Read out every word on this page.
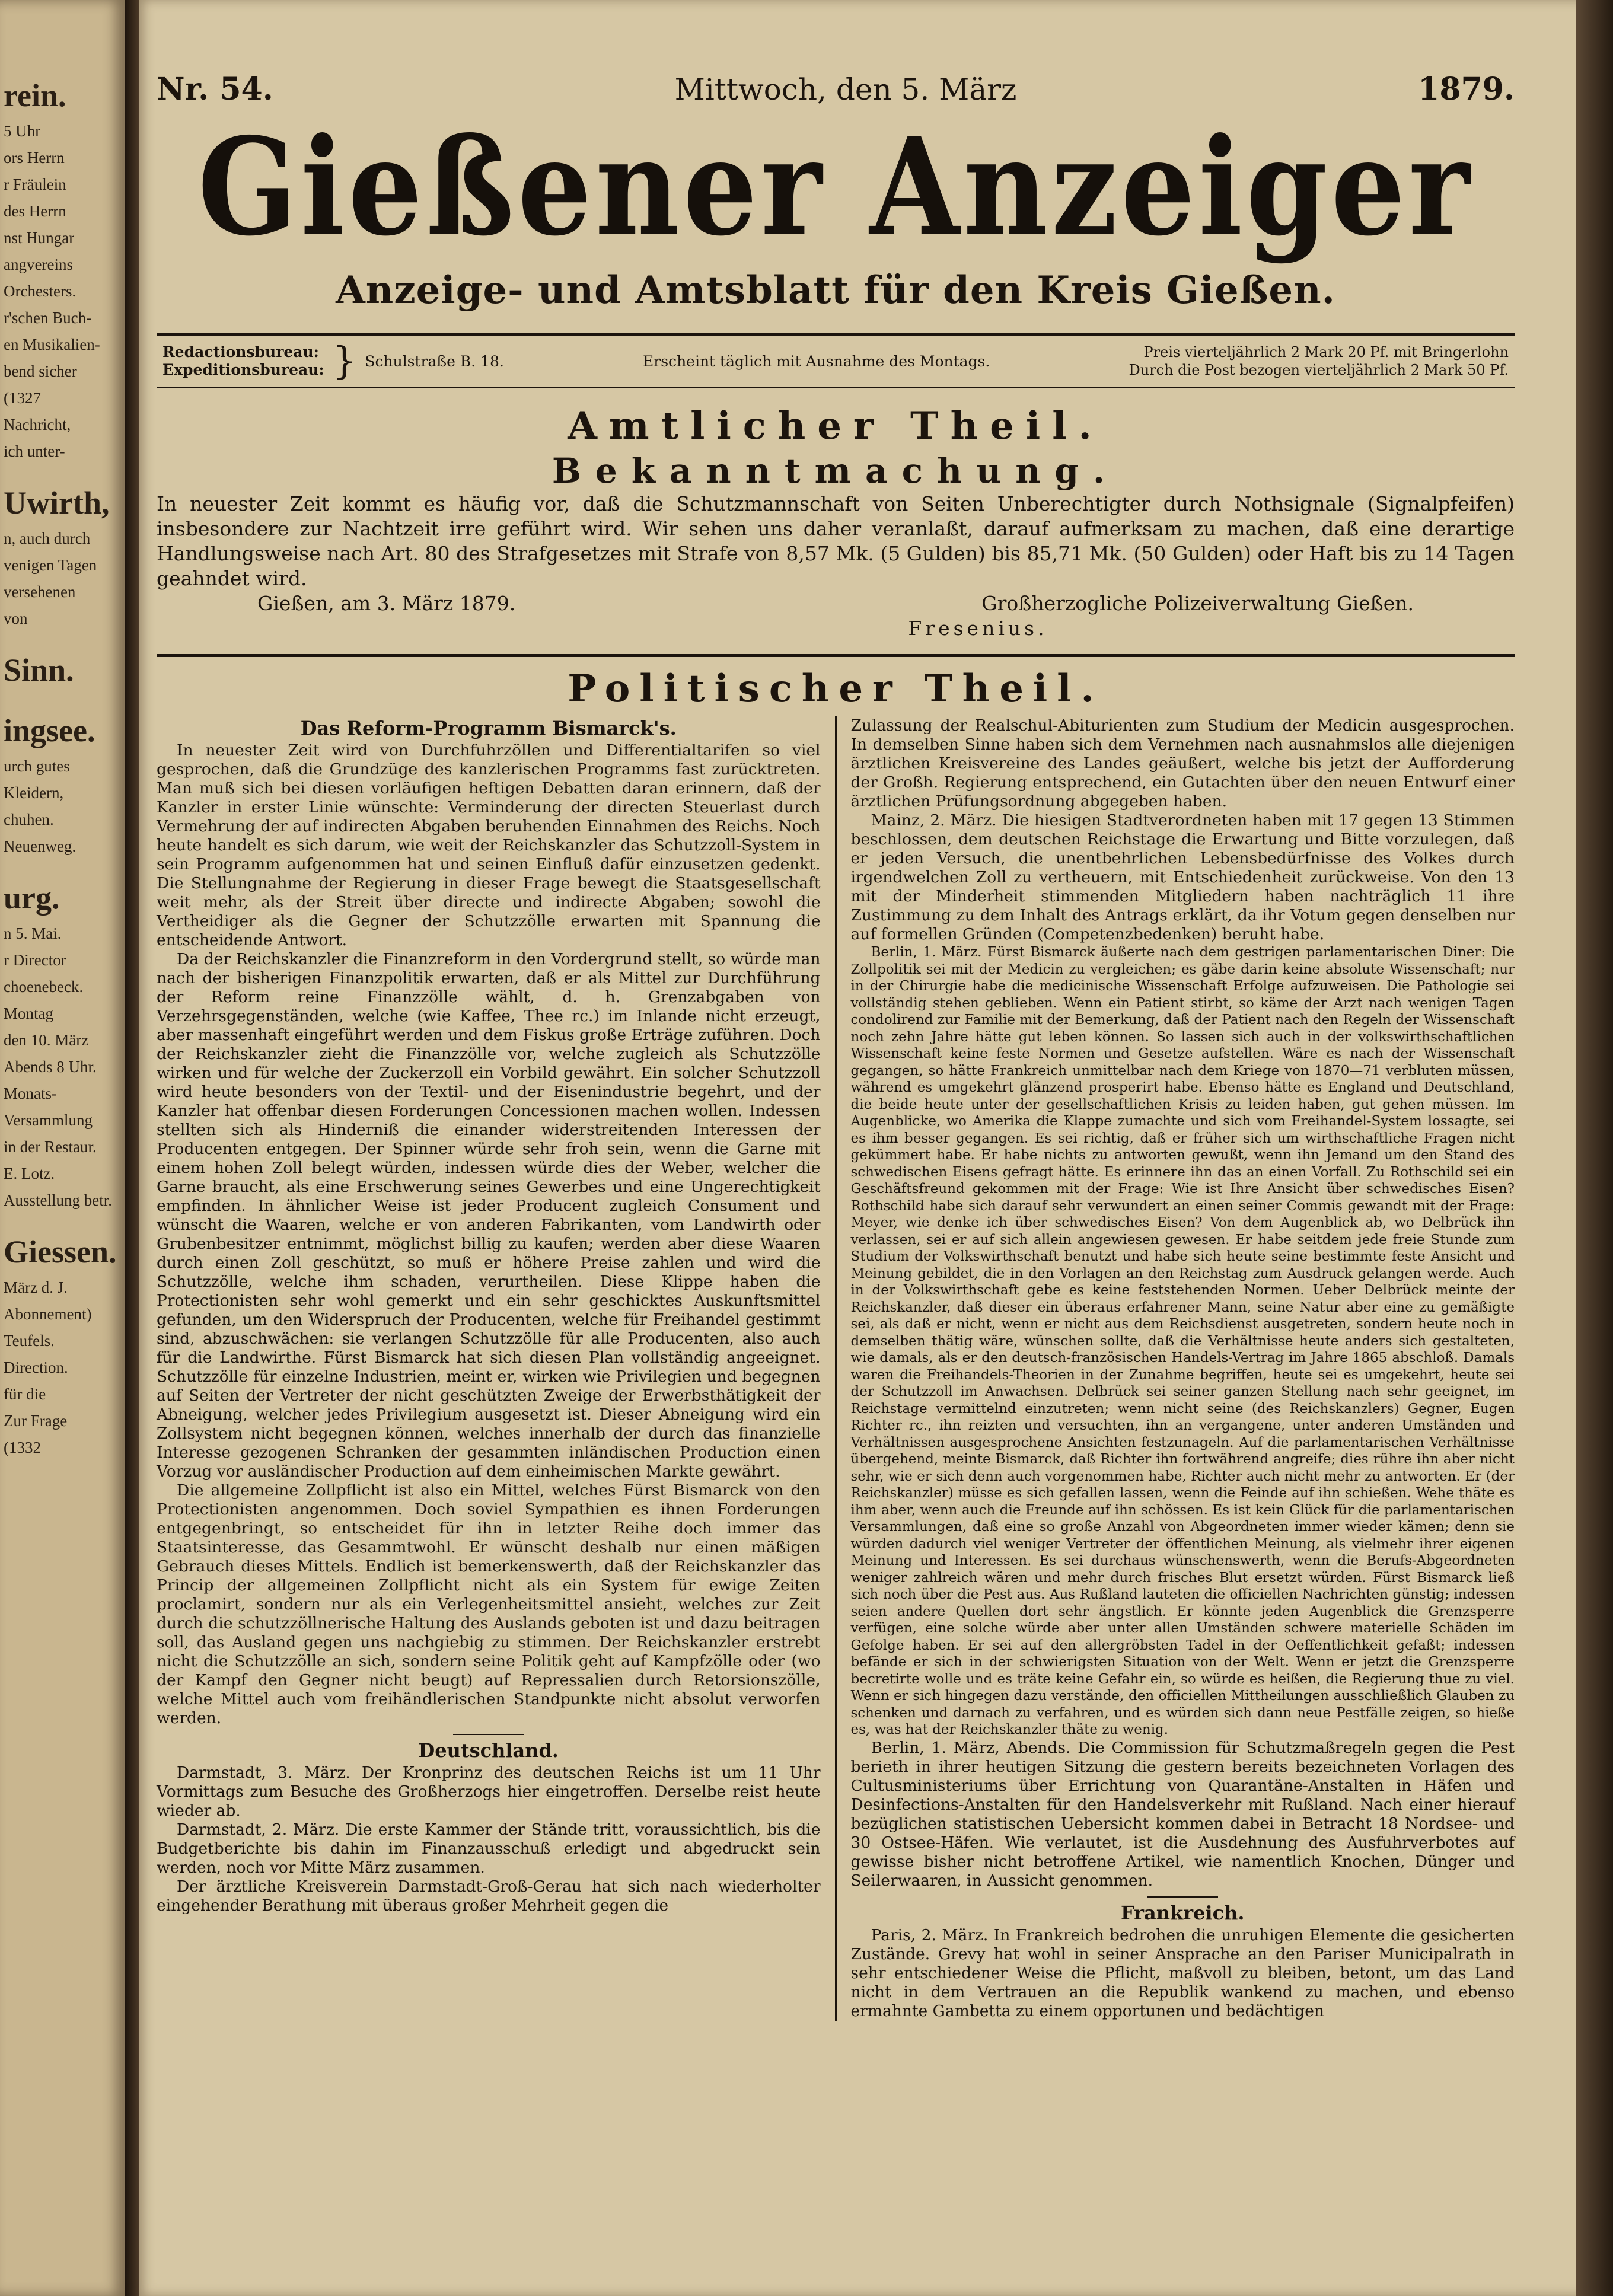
rein.
5 Uhr
ors Herrn
r Fräulein
des Herrn
nst Hungar
angvereins
Orchesters.
r'schen Buch-
en Musikalien-
bend sicher
(1327
Nachricht,
ich unter-
Uwirth,
n, auch durch
venigen Tagen
versehenen
von
Sinn.
ingsee.
urch gutes
Kleidern,
chuhen.
Neuenweg.
urg.
n 5. Mai.
r Director
choenebeck.
Montag
den 10. März
Abends 8 Uhr.
Monats-
Versammlung
in der Restaur.
E. Lotz.
Ausstellung betr.
Giessen.
März d. J.
Abonnement)
Teufels.
Direction.
für die
Zur Frage
(1332
Nr. 54.	Mittwoch, den 5. März	1879.
Gießener Anzeiger
Anzeige- und Amtsblatt für den Kreis Gießen.
Redactionsbureau:
Expeditionsbureau: } Schulstraße B. 18.	Erscheint täglich mit Ausnahme des Montags.
Preis vierteljährlich 2 Mark 20 Pf. mit Bringerlohn
Durch die Post bezogen vierteljährlich 2 Mark 50 Pf.
Amtlicher Theil.
Bekanntmachung.

In neuester Zeit kommt es häufig vor, daß die Schutzmannschaft von Seiten Unberechtigter durch Nothsignale (Signalpfeifen) insbesondere zur Nachtzeit irre geführt wird. Wir sehen uns daher veranlaßt, darauf aufmerksam zu machen, daß eine derartige Handlungsweise nach Art. 80 des Strafgesetzes mit Strafe von 8,57 Mk. (5 Gulden) bis 85,71 Mk. (50 Gulden) oder Haft bis zu 14 Tagen geahndet wird.

Gießen, am 3. März 1879.	Großherzogliche Polizeiverwaltung Gießen.
Fresenius.
Politischer Theil.
Das Reform-Programm Bismarck's.

In neuester Zeit wird von Durchfuhrzöllen und Differentialtarifen so viel gesprochen, daß die Grundzüge des kanzlerischen Programms fast zurücktreten. Man muß sich bei diesen vorläufigen heftigen Debatten daran erinnern, daß der Kanzler in erster Linie wünschte: Verminderung der directen Steuerlast durch Vermehrung der auf indirecten Abgaben beruhenden Einnahmen des Reichs. Noch heute handelt es sich darum, wie weit der Reichskanzler das Schutzzoll-System in sein Programm aufgenommen hat und seinen Einfluß dafür einzusetzen gedenkt. Die Stellungnahme der Regierung in dieser Frage bewegt die Staatsgesellschaft weit mehr, als der Streit über directe und indirecte Abgaben; sowohl die Vertheidiger als die Gegner der Schutzzölle erwarten mit Spannung die entscheidende Antwort.

Da der Reichskanzler die Finanzreform in den Vordergrund stellt, so würde man nach der bisherigen Finanzpolitik erwarten, daß er als Mittel zur Durchführung der Reform reine Finanzzölle wählt, d. h. Grenzabgaben von Verzehrsgegenständen, welche (wie Kaffee, Thee rc.) im Inlande nicht erzeugt, aber massenhaft eingeführt werden und dem Fiskus große Erträge zuführen. Doch der Reichskanzler zieht die Finanzzölle vor, welche zugleich als Schutzzölle wirken und für welche der Zuckerzoll ein Vorbild gewährt. Ein solcher Schutzzoll wird heute besonders von der Textil- und der Eisenindustrie begehrt, und der Kanzler hat offenbar diesen Forderungen Concessionen machen wollen. Indessen stellten sich als Hinderniß die einander widerstreitenden Interessen der Producenten entgegen. Der Spinner würde sehr froh sein, wenn die Garne mit einem hohen Zoll belegt würden, indessen würde dies der Weber, welcher die Garne braucht, als eine Erschwerung seines Gewerbes und eine Ungerechtigkeit empfinden. In ähnlicher Weise ist jeder Producent zugleich Consument und wünscht die Waaren, welche er von anderen Fabrikanten, vom Landwirth oder Grubenbesitzer entnimmt, möglichst billig zu kaufen; werden aber diese Waaren durch einen Zoll geschützt, so muß er höhere Preise zahlen und wird die Schutzzölle, welche ihm schaden, verurtheilen. Diese Klippe haben die Protectionisten sehr wohl gemerkt und ein sehr geschicktes Auskunftsmittel gefunden, um den Widerspruch der Producenten, welche für Freihandel gestimmt sind, abzuschwächen: sie verlangen Schutzzölle für alle Producenten, also auch für die Landwirthe. Fürst Bismarck hat sich diesen Plan vollständig angeeignet. Schutzzölle für einzelne Industrien, meint er, wirken wie Privilegien und begegnen auf Seiten der Vertreter der nicht geschützten Zweige der Erwerbsthätigkeit der Abneigung, welcher jedes Privilegium ausgesetzt ist. Dieser Abneigung wird ein Zollsystem nicht begegnen können, welches innerhalb der durch das finanzielle Interesse gezogenen Schranken der gesammten inländischen Production einen Vorzug vor ausländischer Production auf dem einheimischen Markte gewährt.

Die allgemeine Zollpflicht ist also ein Mittel, welches Fürst Bismarck von den Protectionisten angenommen. Doch soviel Sympathien es ihnen Forderungen entgegenbringt, so entscheidet für ihn in letzter Reihe doch immer das Staatsinteresse, das Gesammtwohl. Er wünscht deshalb nur einen mäßigen Gebrauch dieses Mittels. Endlich ist bemerkenswerth, daß der Reichskanzler das Princip der allgemeinen Zollpflicht nicht als ein System für ewige Zeiten proclamirt, sondern nur als ein Verlegenheitsmittel ansieht, welches zur Zeit durch die schutzzöllnerische Haltung des Auslands geboten ist und dazu beitragen soll, das Ausland gegen uns nachgiebig zu stimmen. Der Reichskanzler erstrebt nicht die Schutzzölle an sich, sondern seine Politik geht auf Kampfzölle oder (wo der Kampf den Gegner nicht beugt) auf Repressalien durch Retorsionszölle, welche Mittel auch vom freihändlerischen Standpunkte nicht absolut verworfen werden.

Deutschland.

Darmstadt, 3. März. Der Kronprinz des deutschen Reichs ist um 11 Uhr Vormittags zum Besuche des Großherzogs hier eingetroffen. Derselbe reist heute wieder ab.

Darmstadt, 2. März. Die erste Kammer der Stände tritt, voraussichtlich, bis die Budgetberichte bis dahin im Finanzausschuß erledigt und abgedruckt sein werden, noch vor Mitte März zusammen.

Der ärztliche Kreisverein Darmstadt-Groß-Gerau hat sich nach wiederholter eingehender Berathung mit überaus großer Mehrheit gegen die

Zulassung der Realschul-Abiturienten zum Studium der Medicin ausgesprochen. In demselben Sinne haben sich dem Vernehmen nach ausnahmslos alle diejenigen ärztlichen Kreisvereine des Landes geäußert, welche bis jetzt der Aufforderung der Großh. Regierung entsprechend, ein Gutachten über den neuen Entwurf einer ärztlichen Prüfungsordnung abgegeben haben.

Mainz, 2. März. Die hiesigen Stadtverordneten haben mit 17 gegen 13 Stimmen beschlossen, dem deutschen Reichstage die Erwartung und Bitte vorzulegen, daß er jeden Versuch, die unentbehrlichen Lebensbedürfnisse des Volkes durch irgendwelchen Zoll zu vertheuern, mit Entschiedenheit zurückweise. Von den 13 mit der Minderheit stimmenden Mitgliedern haben nachträglich 11 ihre Zustimmung zu dem Inhalt des Antrags erklärt, da ihr Votum gegen denselben nur auf formellen Gründen (Competenzbedenken) beruht habe.

Berlin, 1. März. Fürst Bismarck äußerte nach dem gestrigen parlamentarischen Diner: Die Zollpolitik sei mit der Medicin zu vergleichen; es gäbe darin keine absolute Wissenschaft; nur in der Chirurgie habe die medicinische Wissenschaft Erfolge aufzuweisen. Die Pathologie sei vollständig stehen geblieben. Wenn ein Patient stirbt, so käme der Arzt nach wenigen Tagen condolirend zur Familie mit der Bemerkung, daß der Patient nach den Regeln der Wissenschaft noch zehn Jahre hätte gut leben können. So lassen sich auch in der volkswirthschaftlichen Wissenschaft keine feste Normen und Gesetze aufstellen. Wäre es nach der Wissenschaft gegangen, so hätte Frankreich unmittelbar nach dem Kriege von 1870—71 verbluten müssen, während es umgekehrt glänzend prosperirt habe. Ebenso hätte es England und Deutschland, die beide heute unter der gesellschaftlichen Krisis zu leiden haben, gut gehen müssen. Im Augenblicke, wo Amerika die Klappe zumachte und sich vom Freihandel-System lossagte, sei es ihm besser gegangen. Es sei richtig, daß er früher sich um wirthschaftliche Fragen nicht gekümmert habe. Er habe nichts zu antworten gewußt, wenn ihn Jemand um den Stand des schwedischen Eisens gefragt hätte. Es erinnere ihn das an einen Vorfall. Zu Rothschild sei ein Geschäftsfreund gekommen mit der Frage: Wie ist Ihre Ansicht über schwedisches Eisen? Rothschild habe sich darauf sehr verwundert an einen seiner Commis gewandt mit der Frage: Meyer, wie denke ich über schwedisches Eisen? Von dem Augenblick ab, wo Delbrück ihn verlassen, sei er auf sich allein angewiesen gewesen. Er habe seitdem jede freie Stunde zum Studium der Volkswirthschaft benutzt und habe sich heute seine bestimmte feste Ansicht und Meinung gebildet, die in den Vorlagen an den Reichstag zum Ausdruck gelangen werde. Auch in der Volkswirthschaft gebe es keine feststehenden Normen. Ueber Delbrück meinte der Reichskanzler, daß dieser ein überaus erfahrener Mann, seine Natur aber eine zu gemäßigte sei, als daß er nicht, wenn er nicht aus dem Reichsdienst ausgetreten, sondern heute noch in demselben thätig wäre, wünschen sollte, daß die Verhältnisse heute anders sich gestalteten, wie damals, als er den deutsch-französischen Handels-Vertrag im Jahre 1865 abschloß. Damals waren die Freihandels-Theorien in der Zunahme begriffen, heute sei es umgekehrt, heute sei der Schutzzoll im Anwachsen. Delbrück sei seiner ganzen Stellung nach sehr geeignet, im Reichstage vermittelnd einzutreten; wenn nicht seine (des Reichskanzlers) Gegner, Eugen Richter rc., ihn reizten und versuchten, ihn an vergangene, unter anderen Umständen und Verhältnissen ausgesprochene Ansichten festzunageln. Auf die parlamentarischen Verhältnisse übergehend, meinte Bismarck, daß Richter ihn fortwährend angreife; dies rühre ihn aber nicht sehr, wie er sich denn auch vorgenommen habe, Richter auch nicht mehr zu antworten. Er (der Reichskanzler) müsse es sich gefallen lassen, wenn die Feinde auf ihn schießen. Wehe thäte es ihm aber, wenn auch die Freunde auf ihn schössen. Es ist kein Glück für die parlamentarischen Versammlungen, daß eine so große Anzahl von Abgeordneten immer wieder kämen; denn sie würden dadurch viel weniger Vertreter der öffentlichen Meinung, als vielmehr ihrer eigenen Meinung und Interessen. Es sei durchaus wünschenswerth, wenn die Berufs-Abgeordneten weniger zahlreich wären und mehr durch frisches Blut ersetzt würden. Fürst Bismarck ließ sich noch über die Pest aus. Aus Rußland lauteten die officiellen Nachrichten günstig; indessen seien andere Quellen dort sehr ängstlich. Er könnte jeden Augenblick die Grenzsperre verfügen, eine solche würde aber unter allen Umständen schwere materielle Schäden im Gefolge haben. Er sei auf den allergröbsten Tadel in der Oeffentlichkeit gefaßt; indessen befände er sich in der schwierigsten Situation von der Welt. Wenn er jetzt die Grenzsperre becretirte wolle und es träte keine Gefahr ein, so würde es heißen, die Regierung thue zu viel. Wenn er sich hingegen dazu verstände, den officiellen Mittheilungen ausschließlich Glauben zu schenken und darnach zu verfahren, und es würden sich dann neue Pestfälle zeigen, so hieße es, was hat der Reichskanzler thäte zu wenig.

Berlin, 1. März, Abends. Die Commission für Schutzmaßregeln gegen die Pest berieth in ihrer heutigen Sitzung die gestern bereits bezeichneten Vorlagen des Cultusministeriums über Errichtung von Quarantäne-Anstalten in Häfen und Desinfections-Anstalten für den Handelsverkehr mit Rußland. Nach einer hierauf bezüglichen statistischen Uebersicht kommen dabei in Betracht 18 Nordsee- und 30 Ostsee-Häfen. Wie verlautet, ist die Ausdehnung des Ausfuhrverbotes auf gewisse bisher nicht betroffene Artikel, wie namentlich Knochen, Dünger und Seilerwaaren, in Aussicht genommen.

Frankreich.

Paris, 2. März. In Frankreich bedrohen die unruhigen Elemente die gesicherten Zustände. Grevy hat wohl in seiner Ansprache an den Pariser Municipalrath in sehr entschiedener Weise die Pflicht, maßvoll zu bleiben, betont, um das Land nicht in dem Vertrauen an die Republik wankend zu machen, und ebenso ermahnte Gambetta zu einem opportunen und bedächtigen
